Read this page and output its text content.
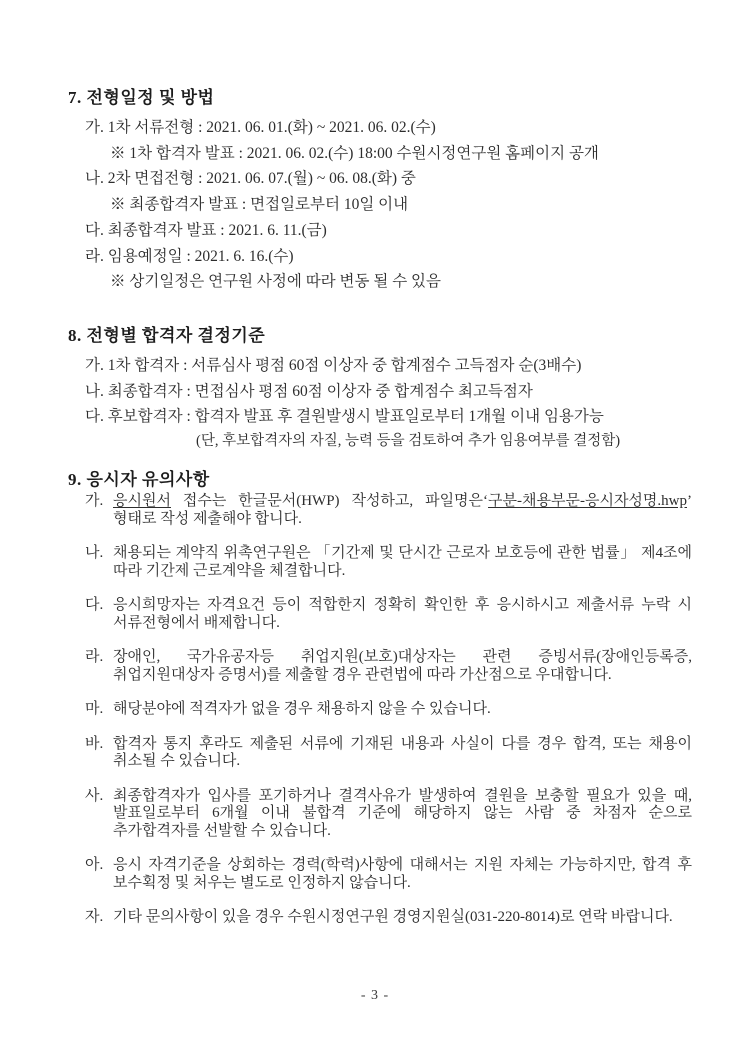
7. 전형일정 및 방법

가. 1차 서류전형 : 2021. 06. 01.(화) ~ 2021. 06. 02.(수)

※ 1차 합격자 발표 : 2021. 06. 02.(수) 18:00 수원시정연구원 홈페이지 공개

나. 2차 면접전형 : 2021. 06. 07.(월) ~ 06. 08.(화) 중

※ 최종합격자 발표 : 면접일로부터 10일 이내

다. 최종합격자 발표 : 2021. 6. 11.(금)

라. 임용예정일 : 2021. 6. 16.(수)

※ 상기일정은 연구원 사정에 따라 변동 될 수 있음

8. 전형별 합격자 결정기준

가. 1차 합격자 : 서류심사 평점 60점 이상자 중 합계점수 고득점자 순(3배수)

나. 최종합격자 : 면접심사 평점 60점 이상자 중 합계점수 최고득점자

다. 후보합격자 : 합격자 발표 후 결원발생시 발표일로부터 1개월 이내 임용가능

(단, 후보합격자의 자질, 능력 등을 검토하여 추가 임용여부를 결정함)

9. 응시자 유의사항
가. 응시원서 접수는 한글문서(HWP) 작성하고, 파일명은‘구분-채용부문-응시자성명.hwp’ 형태로 작성 제출해야 합니다.
나. 채용되는 계약직 위촉연구원은 「기간제 및 단시간 근로자 보호등에 관한 법률」 제4조에 따라 기간제 근로계약을 체결합니다.
다. 응시희망자는 자격요건 등이 적합한지 정확히 확인한 후 응시하시고 제출서류 누락 시 서류전형에서 배제합니다.
라. 장애인, 국가유공자등 취업지원(보호)대상자는 관련 증빙서류(장애인등록증, 취업지원대상자 증명서)를 제출할 경우 관련법에 따라 가산점으로 우대합니다.
마. 해당분야에 적격자가 없을 경우 채용하지 않을 수 있습니다.
바. 합격자 통지 후라도 제출된 서류에 기재된 내용과 사실이 다를 경우 합격, 또는 채용이 취소될 수 있습니다.
사. 최종합격자가 입사를 포기하거나 결격사유가 발생하여 결원을 보충할 필요가 있을 때, 발표일로부터 6개월 이내 불합격 기준에 해당하지 않는 사람 중 차점자 순으로 추가합격자를 선발할 수 있습니다.
아. 응시 자격기준을 상회하는 경력(학력)사항에 대해서는 지원 자체는 가능하지만, 합격 후 보수획정 및 처우는 별도로 인정하지 않습니다.
자. 기타 문의사항이 있을 경우 수원시정연구원 경영지원실(031-220-8014)로 연락 바랍니다.
- 3 -
